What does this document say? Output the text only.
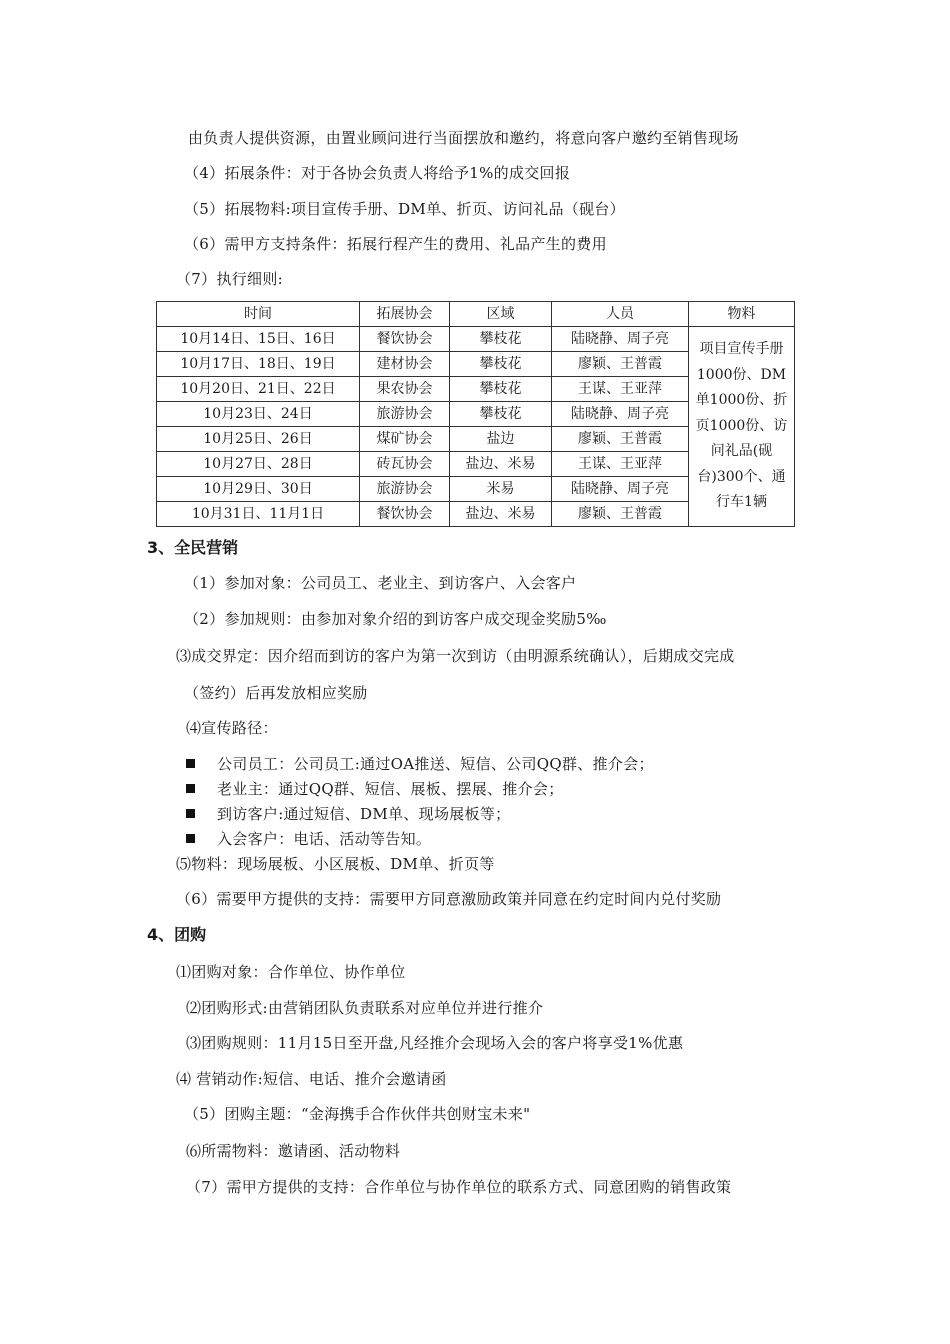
由负责人提供资源，由置业顾问进行当面摆放和邀约，将意向客户邀约至销售现场
（4）拓展条件：对于各协会负责人将给予1%的成交回报
（5）拓展物料:项目宣传手册、DM单、折页、访问礼品（砚台）
（6）需甲方支持条件：拓展行程产生的费用、礼品产生的费用
（7）执行细则:
时间	拓展协会	区域	人员	物料
10月14日、15日、16日	餐饮协会	攀枝花	陆晓静、周子亮	项目宣传手册1000份、DM单1000份、折页1000份、访问礼品(砚台)300个、通行车1辆
10月17日、18日、19日	建材协会	攀枝花	廖颖、王普霞	
10月20日、21日、22日	果农协会	攀枝花	王谋、王亚萍	
10月23日、24日	旅游协会	攀枝花	陆晓静、周子亮	
10月25日、26日	煤矿协会	盐边	廖颖、王普霞	
10月27日、28日	砖瓦协会	盐边、米易	王谋、王亚萍	
10月29日、30日	旅游协会	米易	陆晓静、周子亮	
10月31日、11月1日	餐饮协会	盐边、米易	廖颖、王普霞	
3、全民营销
（1）参加对象：公司员工、老业主、到访客户、入会客户
（2）参加规则：由参加对象介绍的到访客户成交现金奖励5‰
⑶成交界定：因介绍而到访的客户为第一次到访（由明源系统确认），后期成交完成
（签约）后再发放相应奖励
⑷宣传路径：
公司员工：公司员工:通过OA推送、短信、公司QQ群、推介会；
老业主：通过QQ群、短信、展板、摆展、推介会；
到访客户:通过短信、DM单、现场展板等；
入会客户：电话、活动等告知。
⑸物料：现场展板、小区展板、DM单、折页等
（6）需要甲方提供的支持：需要甲方同意激励政策并同意在约定时间内兑付奖励
4、团购
⑴团购对象：合作单位、协作单位
⑵团购形式:由营销团队负责联系对应单位并进行推介
⑶团购规则：11月15日至开盘,凡经推介会现场入会的客户将享受1%优惠
⑷ 营销动作:短信、电话、推介会邀请函
（5）团购主题：“金海携手合作伙伴共创财宝未来"
⑹所需物料：邀请函、活动物料
（7）需甲方提供的支持：合作单位与协作单位的联系方式、同意团购的销售政策
